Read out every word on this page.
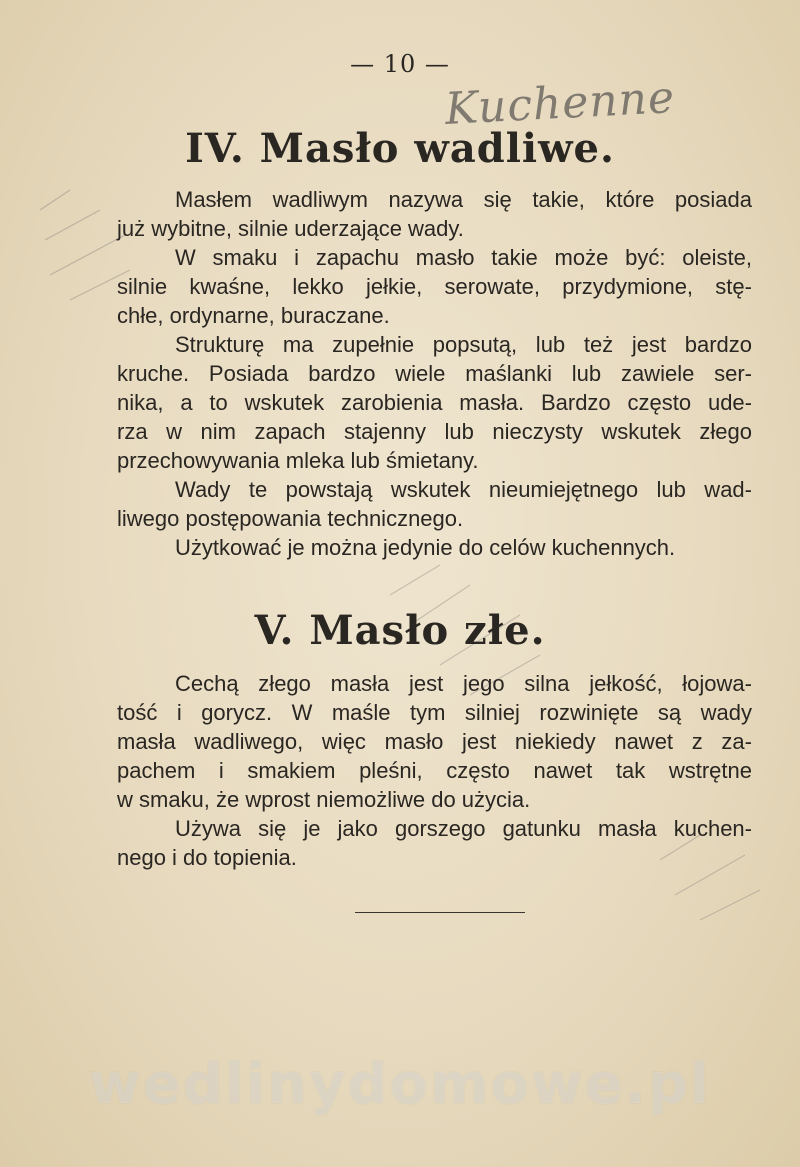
— 10 —
Kuchenne
IV. Masło wadliwe.
Masłem wadliwym nazywa się takie, które posiada
już wybitne, silnie uderzające wady.
W smaku i zapachu masło takie może być: oleiste,
silnie kwaśne, lekko jełkie, serowate, przydymione, stę-
chłe, ordynarne, buraczane.
Strukturę ma zupełnie popsutą, lub też jest bardzo
kruche. Posiada bardzo wiele maślanki lub zawiele ser-
nika, a to wskutek zarobienia masła. Bardzo często ude-
rza w nim zapach stajenny lub nieczysty wskutek złego
przechowywania mleka lub śmietany.
Wady te powstają wskutek nieumiejętnego lub wad-
liwego postępowania technicznego.
Użytkować je można jedynie do celów kuchennych.
V. Masło złe.
Cechą złego masła jest jego silna jełkość, łojowa-
tość i gorycz. W maśle tym silniej rozwinięte są wady
masła wadliwego, więc masło jest niekiedy nawet z za-
pachem i smakiem pleśni, często nawet tak wstrętne
w smaku, że wprost niemożliwe do użycia.
Używa się je jako gorszego gatunku masła kuchen-
nego i do topienia.
wedlinydomowe.pl
